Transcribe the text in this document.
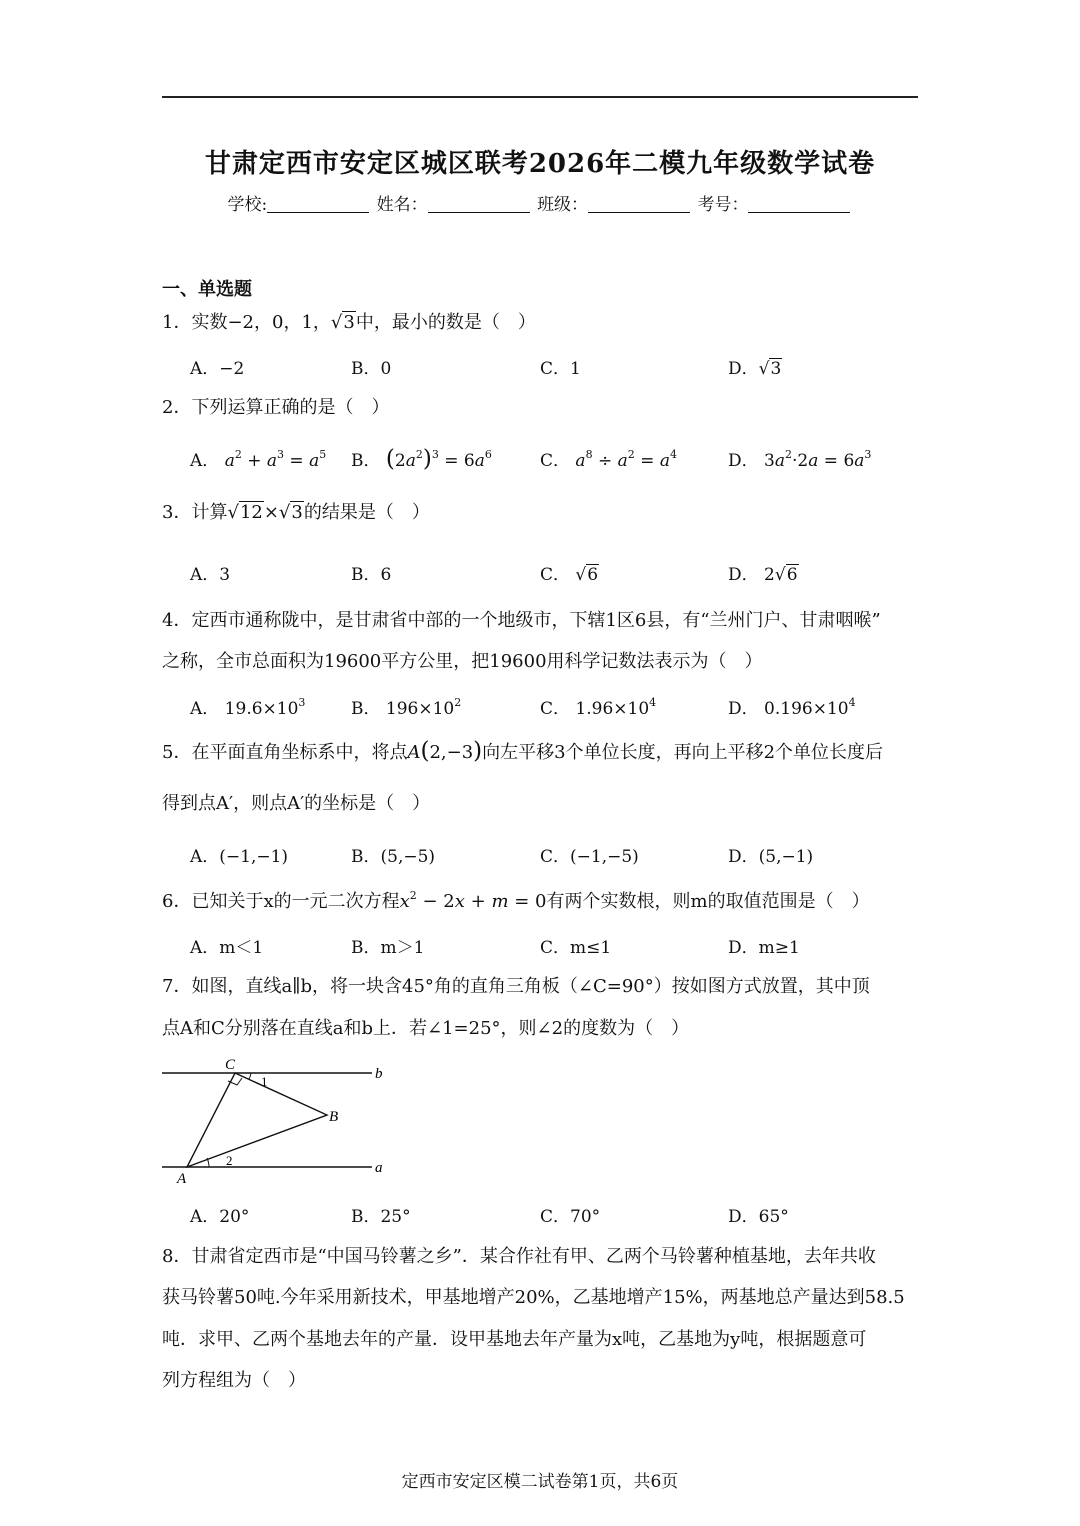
甘肃定西市安定区城区联考2026年二模九年级数学试卷
学校:	姓名：	班级：	考号：
一、单选题
1．实数−2，0，1，√3中，最小的数是（　）
A．−2	B．0	C．1	D．√3
2．下列运算正确的是（　）
A． $a^2 + a^3 = a^5$ B． $(2a^2)^3 = 6a^6$	C． $a^8 \div a^2 = a^4$	D． $3a^2\cdot 2a = 6a^3$
3．计算√12×√3的结果是（　）
A．3	B．6	C． √6	D． 2√6
4．定西市通称陇中，是甘肃省中部的一个地级市，下辖1区6县，有“兰州门户、甘肃咽喉”
之称，全市总面积为19600平方公里，把19600用科学记数法表示为（　）
A． $19.6\times 10^3$	B． $196\times 10^2$	C． $1.96\times 10^4$	D． $0.196\times 10^4$
5．在平面直角坐标系中，将点A(2,−3)向左平移3个单位长度，再向上平移2个单位长度后
得到点A′，则点A′的坐标是（　）
A．(−1,−1)	B．(5,−5)	C．(−1,−5)	D．(5,−1)
6．已知关于x的一元二次方程$x^2 - 2x + m = 0$有两个实数根，则m的取值范围是（　）
A．m＜1	B．m＞1	C．m≤1	D．m≥1
7．如图，直线a∥b，将一块含45°角的直角三角板（∠C=90°）按如图方式放置，其中顶
点A和C分别落在直线a和b上．若∠1=25°，则∠2的度数为（　）
C
1
B
2
A
b
a
A．20°	B．25°	C．70°	D．65°
8．甘肃省定西市是“中国马铃薯之乡”．某合作社有甲、乙两个马铃薯种植基地，去年共收
获马铃薯50吨.今年采用新技术，甲基地增产20%，乙基地增产15%，两基地总产量达到58.5
吨．求甲、乙两个基地去年的产量．设甲基地去年产量为x吨，乙基地为y吨，根据题意可
列方程组为（　）
定西市安定区模二试卷第1页，共6页
